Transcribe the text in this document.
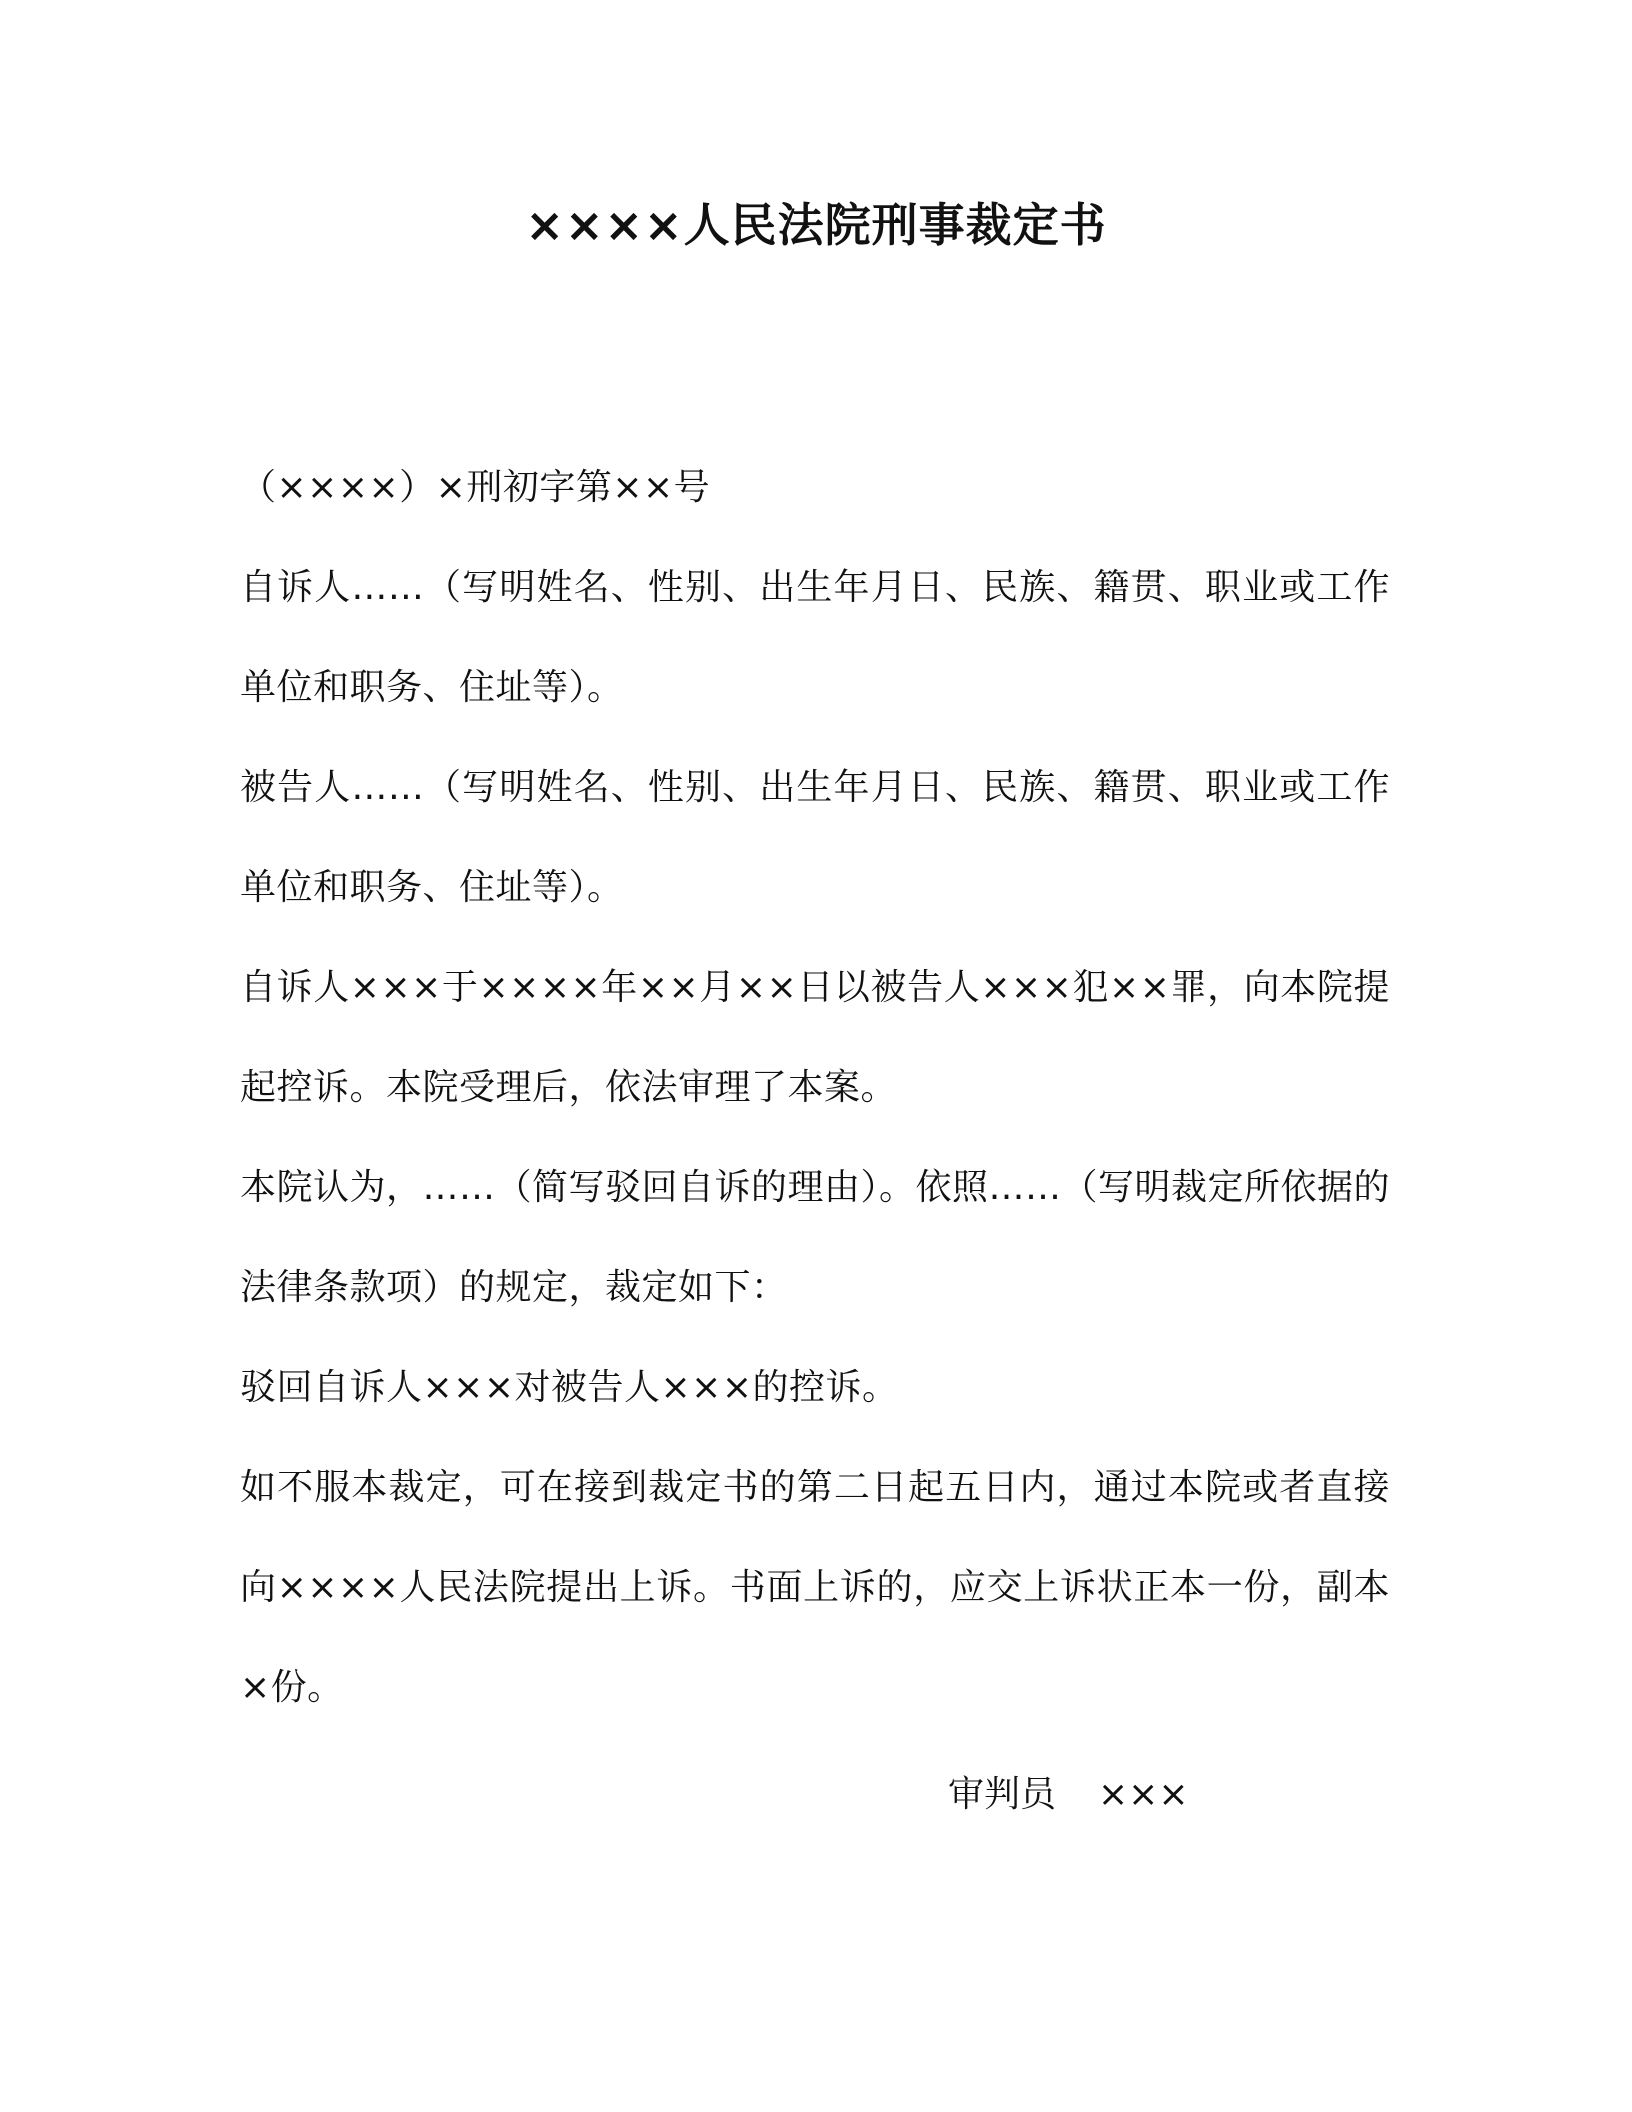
××××人民法院刑事裁定书

（××××）×刑初字第××号

自诉人……（写明姓名、性别、出生年月日、民族、籍贯、职业或工作单位和职务、住址等）。

被告人……（写明姓名、性别、出生年月日、民族、籍贯、职业或工作单位和职务、住址等）。

自诉人×××于××××年××月××日以被告人×××犯××罪，向本院提起控诉。本院受理后，依法审理了本案。

本院认为，……（简写驳回自诉的理由）。依照……（写明裁定所依据的法律条款项）的规定，裁定如下：

驳回自诉人×××对被告人×××的控诉。

如不服本裁定，可在接到裁定书的第二日起五日内，通过本院或者直接向××××人民法院提出上诉。书面上诉的，应交上诉状正本一份，副本×份。

审判员 ×××
